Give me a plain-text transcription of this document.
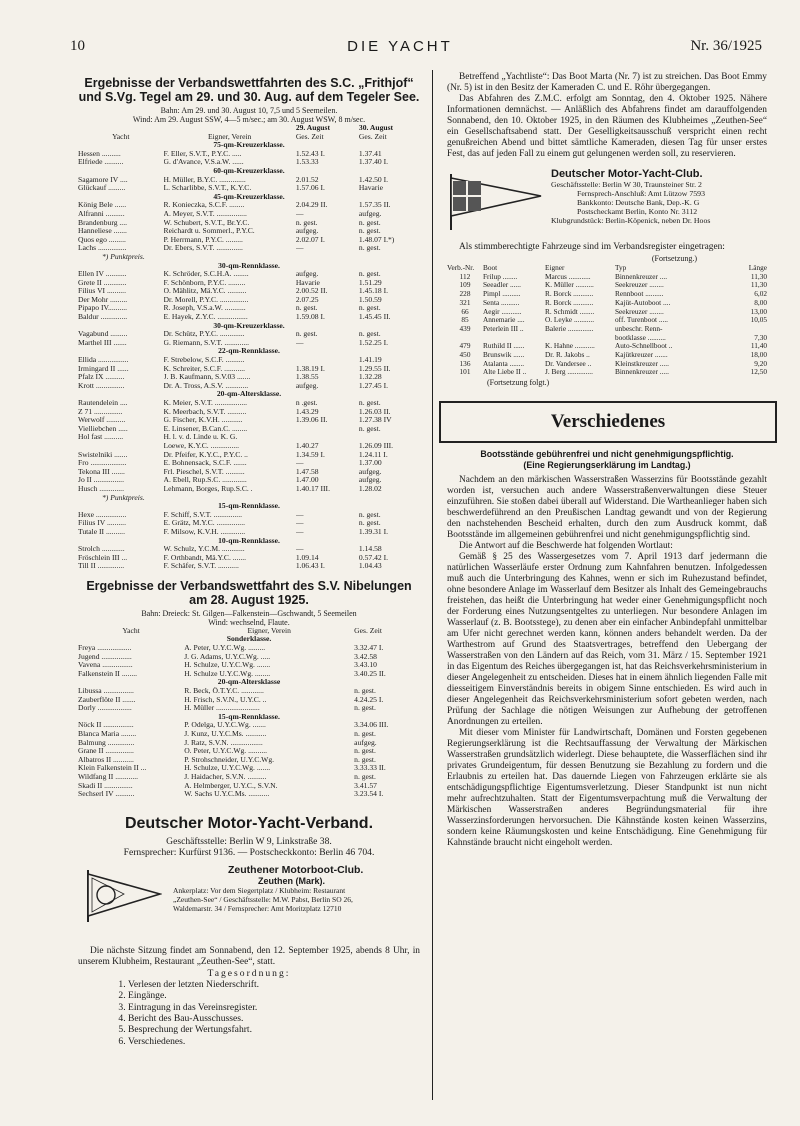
10	DIE YACHT	Nr. 36/1925
Ergebnisse der Verbandswettfahrten des S.C. „Frithjof“
und S.Vg. Tegel am 29. und 30. Aug. auf dem Tegeler See.

Bahn: Am 29. und 30. August 10, 7,5 und 5 Seemeilen.

Wind: Am 29. August SSW, 4—5 m/sec.; am 30. August WSW, 8 m/sec.

		29. August	30. August
Yacht	Eigner, Verein	Ges. Zeit	Ges. Zeit
75-qm-Kreuzerklasse.			
Hessen ..........	F. Eller, S.V.T., P.Y.C. .....	1.52.43 I.	1.37.41
Elfriede ..........	G. d'Avance, V.S.a.W. ......	1.53.33	1.37.40 I.
60-qm-Kreuzerklasse.			
Sagamore IV ....	H. Müller, B.Y.C. ..............	2.01.52	1.42.50 I.
Glückauf .........	L. Scharlibbe, S.V.T., K.Y.C.	1.57.06 I.	Havarie
45-qm-Kreuzerklasse.			
König Bele ......	R. Konieczka, S.C.F. ........	2.04.29 II.	1.57.35 II.
Alfranni ..........	A. Meyer, S.V.T. ................	—	aufgeg.
Brandenburg ....	W. Schubert, S.V.T., Br.Y.C.	n. gest.	n. gest.
Hanneliese .......	Reichardt u. Sommerl., P.Y.C.	aufgeg.	n. gest.
Quos ego .........	P. Herrmann, P.Y.C. .........	2.02.07 I.	1.48.07 I.*)
Lachs ...............	Dr. Ebers, S.V.T. ..............	—	n. gest.
*) Punktpreis.			
30-qm-Rennklasse.			
Ellen IV ...........	K. Schröder, S.C.H.A. ........	aufgeg.	n. gest.
Grete II ............	F. Schönborn, P.Y.C. .........	Havarie	1.51.29
Filius VI ..........	O. Mählitz, Mä.Y.C. ..........	2.00.52 II.	1.45.18 I.
Der Mohr .........	Dr. Morell, P.Y.C. ...............	2.07.25	1.50.59
Pipapo IV..........	R. Joseph, V.S.a.W. ...........	n. gest.	n. gest.
Baldur ..............	E. Hayek, Z.Y.C. ................	1.59.08 I.	1.45.45 II.
30-qm-Kreuzerklasse.			
Vagabund .........	Dr. Schütz, P.Y.C. .............	n. gest.	n. gest.
Marthel III .......	G. Riemann, S.V.T. .............	—	1.52.25 I.
22-qm-Rennklasse.			
Ellida ................	F. Strebelow, S.C.F. ..........		1.41.19
Irmingard II ......	K. Schreiter, S.C.F. ...........	1.38.19 I.	1.29.55 II.
Pfalz IX ..........	J. B. Kaufmann, S.V.03 .......	1.38.55	1.32.28
Krott ...............	Dr. A. Tross, A.S.V. ............	aufgeg.	1.27.45 I.
20-qm-Altersklasse.			
Rautendelein ....	K. Meier, S.V.T. .................	n .gest.	n. gest.
Z 71 ...............	K. Meerbach, S.V.T. ..........	1.43.29	1.26.03 II.
Werwolf ..........	G. Fischer, K.V.H. ...........	1.39.06 II.	1.27.38 IV
Vielliebchen .....	E. Linsener, B.Can.C. ........		n. gest.
Hol fast ..........	H. l. v. d. Linde u. K. G.		
	Loewe, K.Y.C. ...............	1.40.27	1.26.09 III.
Swistelniki .......	Dr. Pfeifer, K.Y.C., P.Y.C. ..	1.34.59 I.	1.24.11 I.
Fro ...................	E. Bohnensack, S.C.F. .......	—	1.37.00
Tekona III .......	Frl. Pieschel, S.V.T. ..........	1.47.58	aufgeg.
Jo II ................	A. Ebell, Rup.S.C. .............	1.47.00	aufgeg.
Husch .............	Lehmann, Borges, Rup.S.C. .	1.40.17 III.	1.28.02
*) Punktpreis.			
15-qm-Rennklasse.			
Hexe ................	F. Schiff, S.V.T. ...............	—	n. gest.
Filius IV ..........	E. Grätz, M.Y.C. ...............	—	n. gest.
Tutale II ..........	F. Milsow, K.V.H. .............	—	1.39.31 I.
10-qm-Rennklasse.			
Strolch ............	W. Schulz, Y.C.M. ............	—	1.14.58
Fröschlein III ...	F. Orthbandt, Mä.Y.C. .......	1.09.14	0.57.42 I.
Till II ..............	F. Schäfer, S.V.T. ...........	1.06.43 I.	1.04.43
Ergebnisse der Verbandswettfahrt des S.V. Nibelungen
am 28. August 1925.

Bahn: Dreieck: St. Gilgen—Falkenstein—Gschwandt, 5 Seemeilen

Wind: wechselnd, Flaute.

Yacht	Eigner, Verein	Ges. Zeit
Sonderklasse.		
Freya ..................	A. Peter, U.Y.C.Wg. .........	3.32.47 I.
Jugend ................	J. G. Adams, U.Y.C.Wg. .....	3.42.58
Vavena ................	H. Schulze, U.Y.C.Wg. .......	3.43.10
Falkenstein II ........	H. Schulze U.Y.C.Wg. ........	3.40.25 II.
20-qm-Altersklasse		
Libussa ................	R. Beck, Ö.T.Y.C. ............	n. gest.
Zauberflöte II .......	H. Frisch, S.V.N., U.Y.C. ..	4.24.25 I.
Dorly ..................	H. Müller .......................	n. gest.
15-qm-Rennklasse.		
Nöck II ................	P. Odelga, U.Y.C.Wg. .......	3.34.06 III.
Blanca Maria ........	J. Kunz, U.Y.C.Ms. ...........	n. gest.
Balmung ..............	J. Ratz, S.V.N. .................	aufgeg.
Grane II ...............	O. Peter, U.Y.C.Wg. ..........	n. gest.
Albatros II ...........	P. Strohschneider, U.Y.C.Wg.	n. gest.
Klein Falkenstein II ...	H. Schulze, U.Y.C.Wg. .......	3.33.33 II.
Wildfang II ............	J. Haidacher, S.V.N. ..........	n. gest.
Skadi II ...............	A. Helmberger, U.Y.C., S.V.N.	3.41.57
Sechserl IV ..........	W. Sachs U.Y.C.Ms. ...........	3.23.54 I.
Deutscher Motor-Yacht-Verband.

Geschäftsstelle: Berlin W 9, Linkstraße 38.

Fernsprecher: Kurfürst 9136. — Postscheckkonto: Berlin 46 704.

Zeuthener Motorboot-Club.
Zeuthen (Mark).
Ankerplatz: Vor dem Siegertplatz / Klubheim: Restaurant
„Zeuthen-See“ / Geschäftsstelle: M.W. Pabst, Berlin SO 26,
Waldemarstr. 34 / Fernsprecher: Amt Moritzplatz 12710

Die nächste Sitzung findet am Sonnabend, den 12. September 1925, abends 8 Uhr, in unserem Klubheim, Restaurant „Zeuthen-See“, statt.

Tagesordnung:

1. Verlesen der letzten Niederschrift.
2. Eingänge.
3. Eintragung in das Vereinsregister.
4. Bericht des Bau-Ausschusses.
5. Besprechung der Wertungsfahrt.
6. Verschiedenes.

Betreffend „Yachtliste“: Das Boot Marta (Nr. 7) ist zu streichen. Das Boot Emmy (Nr. 5) ist in den Besitz der Kameraden C. und E. Röhr übergegangen.

Das Abfahren des Z.M.C. erfolgt am Sonntag, den 4. Oktober 1925. Nähere Informationen demnächst. — Anläßlich des Abfahrens findet am darauffolgenden Sonnabend, den 10. Oktober 1925, in den Räumen des Klubheimes „Zeuthen-See“ ein Gesellschaftsabend statt. Der Geselligkeitsausschuß verspricht einen recht genußreichen Abend und bittet sämtliche Kameraden, diesen Tag für unser erstes Fest, das auf jeden Fall zu einem gut gelungenen werden soll, zu reservieren.

Deutscher Motor-Yacht-Club.
Geschäftsstelle: Berlin W 30, Traunsteiner Str. 2
Fernsprech-Anschluß: Amt Lützow 7593
Bankkonto: Deutsche Bank, Dep.-K. G
Postscheckamt Berlin, Konto Nr. 3112
Klubgrundstück: Berlin-Köpenick, neben Dr. Hoos

Als stimmberechtigte Fahrzeuge sind im Verbandsregister eingetragen:

(Fortsetzung.)

Verb.-Nr.	Boot	Eigner	Typ	Länge
112	Frilup ........	Marcus ............	Binnenkreuzer ....	11,30
109	Seeadler ......	K. Müller ..........	Seekreuzer ........	11,30
228	Pimpl ..........	R. Borck ...........	Rennboot ..........	6,02
321	Senta ..........	R. Borck ...........	Kajüt-Autoboot ....	8,00
66	Aegir ...........	R. Schmidt ........	Seekreuzer ........	13,00
85	Annemarie ....	O. Leyke ...........	off. Turenboot .....	10,05
439	Peterlein III ..	Balerie ..............	unbeschr. Renn-	
			bootklasse ..........	7,30
479	Ruthild II ......	K. Hahne ...........	Auto-Schnellboot ..	11,40
450	Brunswik ......	Dr. R. Jakobs ..	Kajütkreuzer .......	18,00
136	Atalanta ........	Dr. Vandersee ..	Kleinstkreuzer .....	9,20
101	Alte Liebe II ..	J. Berg ..............	Binnenkreuzer .....	12,50

(Fortsetzung folgt.)

Verschiedenes

Bootsstände gebührenfrei und nicht genehmigungspflichtig.
(Eine Regierungserklärung im Landtag.)

Nachdem an den märkischen Wasserstraßen Wasserzins für Bootsstände gezahlt worden ist, versuchen auch andere Wasserstraßenverwaltungen diese Steuer einzuführen. Sie stoßen dabei überall auf Widerstand. Die Wartheanlieger haben sich beschwerdeführend an den Preußischen Landtag gewandt und von der Regierung den nachstehenden Bescheid erhalten, durch den zum Ausdruck kommt, daß Bootsstände im allgemeinen gebührenfrei und nicht genehmigungspflichtig sind.

Die Antwort auf die Beschwerde hat folgenden Wortlaut:

Gemäß § 25 des Wassergesetzes vom 7. April 1913 darf jedermann die natürlichen Wasserläufe erster Ordnung zum Kahnfahren benutzen. Infolgedessen muß auch die Unterbringung des Kahnes, wenn er sich im Ruhezustand befindet, ohne besondere Anlage im Wasserlauf dem Besitzer als Inhalt des Gemeingebrauchs freistehen, das heißt die Unterbringung hat weder einer Genehmigungspflicht noch der Forderung eines Nutzungsentgeltes zu unterliegen. Nur besondere Anlagen im Wasserlauf (z. B. Bootsstege), zu denen aber ein einfacher Anbindepfahl unmittelbar am Ufer nicht gerechnet werden kann, können anders behandelt werden. Da der Warthestrom auf Grund des Staatsvertrages, betreffend den Uebergang der Wasserstraßen von den Ländern auf das Reich, vom 31. März / 15. September 1921 in das Eigentum des Reiches übergegangen ist, hat das Reichsverkehrsministerium in dieser Angelegenheit zu entscheiden. Dieses hat in einem ähnlich liegenden Falle mit diesseitigem Einverständnis bereits in obigem Sinne entschieden. Es wird auch in dieser Angelegenheit das Reichsverkehrsministerium sofort gebeten werden, nach Prüfung der Sachlage die nötigen Weisungen zur Aufhebung der getroffenen Anordnungen zu erteilen.

Mit dieser vom Minister für Landwirtschaft, Domänen und Forsten gegebenen Regierungserklärung ist die Rechtsauffassung der Verwaltung der Märkischen Wasserstraßen grundsätzlich widerlegt. Diese behauptete, die Wasserflächen sind ihr privates Grundeigentum, für dessen Benutzung sie Bezahlung zu fordern und die Erlaubnis zu erteilen hat. Das dauernde Liegen von Fahrzeugen erklärte sie als entschädigungspflichtige Eigentumsverletzung. Dieser Standpunkt ist nun nicht mehr aufrechtzuhalten. Statt der Eigentumsverpachtung muß die Verwaltung der Märkischen Wasserstraßen anderes Begründungsmaterial für ihre Wasserzinsforderungen hervorsuchen. Die Kähnstände kosten keinen Wasserzins, sondern keine Räumungskosten und keine Entschädigung. Eine Genehmigung für Kahnstände braucht nicht eingeholt werden.
